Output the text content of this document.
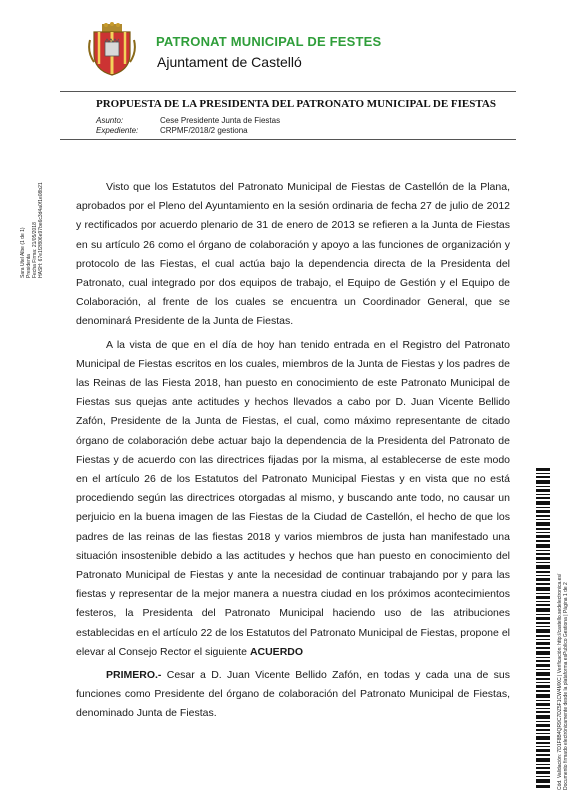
PATRONAT MUNICIPAL DE FESTES
Ajuntament de Castelló
PROPUESTA DE LA PRESIDENTA DEL PATRONATO MUNICIPAL DE FIESTAS
Asunto:	Cese Presidente Junta de Fiestas
Expediente:	CRPMF/2018/2 gestiona
Sara Utel Albe (1 de 1) Presidenta Fecha Firma: 21/05/2018 HASH: 67e1f2f806e97be6c3d4a0f1e08b21
Cód. Validación: 7D1F8B4QR9C7DZ5F1CW4MXC | Verificación: http://castello.sedelectronica.es/ Documento firmado electrónicamente desde la plataforma esPublico Gestiona | Página 1 de 2

Visto que los Estatutos del Patronato Municipal de Fiestas de Castellón de la Plana, aprobados por el Pleno del Ayuntamiento en la sesión ordinaria de fecha 27 de julio de 2012 y rectificados por acuerdo plenario de 31 de enero de 2013 se refieren a la Junta de Fiestas en su artículo 26 como el órgano de colaboración y apoyo a las funciones de organización y protocolo de las Fiestas, el cual actúa bajo la dependencia directa de la Presidenta del Patronato, cual integrado por dos equipos de trabajo, el Equipo de Gestión y el Equipo de Colaboración, al frente de los cuales se encuentra un Coordinador General, que se denominará Presidente de la Junta de Fiestas.

A la vista de que en el día de hoy han tenido entrada en el Registro del Patronato Municipal de Fiestas escritos en los cuales, miembros de la Junta de Fiestas y los padres de las Reinas de las Fiesta 2018, han puesto en conocimiento de este Patronato Municipal de Fiestas sus quejas ante actitudes y hechos llevados a cabo por D. Juan Vicente Bellido Zafón, Presidente de la Junta de Fiestas, el cual, como máximo representante de citado órgano de colaboración debe actuar bajo la dependencia de la Presidenta del Patronato de Fiestas y de acuerdo con las directrices fijadas por la misma, al establecerse de este modo en el artículo 26 de los Estatutos del Patronato Municipal Fiestas y en vista que no está procediendo según las directrices otorgadas al mismo, y buscando ante todo, no causar un perjuicio en la buena imagen de las Fiestas de la Ciudad de Castellón, el hecho de que los padres de las reinas de las fiestas 2018 y varios miembros de justa han manifestado una situación insostenible debido a las actitudes y hechos que han puesto en conocimiento del Patronato Municipal de Fiestas y ante la necesidad de continuar trabajando por y para las fiestas y representar de la mejor manera a nuestra ciudad en los próximos acontecimientos festeros, la Presidenta del Patronato Municipal haciendo uso de las atribuciones establecidas en el artículo 22 de los Estatutos del Patronato Municipal de Fiestas, propone el elevar al Consejo Rector el siguiente ACUERDO

PRIMERO.- Cesar a D. Juan Vicente Bellido Zafón, en todas y cada una de sus funciones como Presidente del órgano de colaboración del Patronato Municipal de Fiestas, denominado Junta de Fiestas.
